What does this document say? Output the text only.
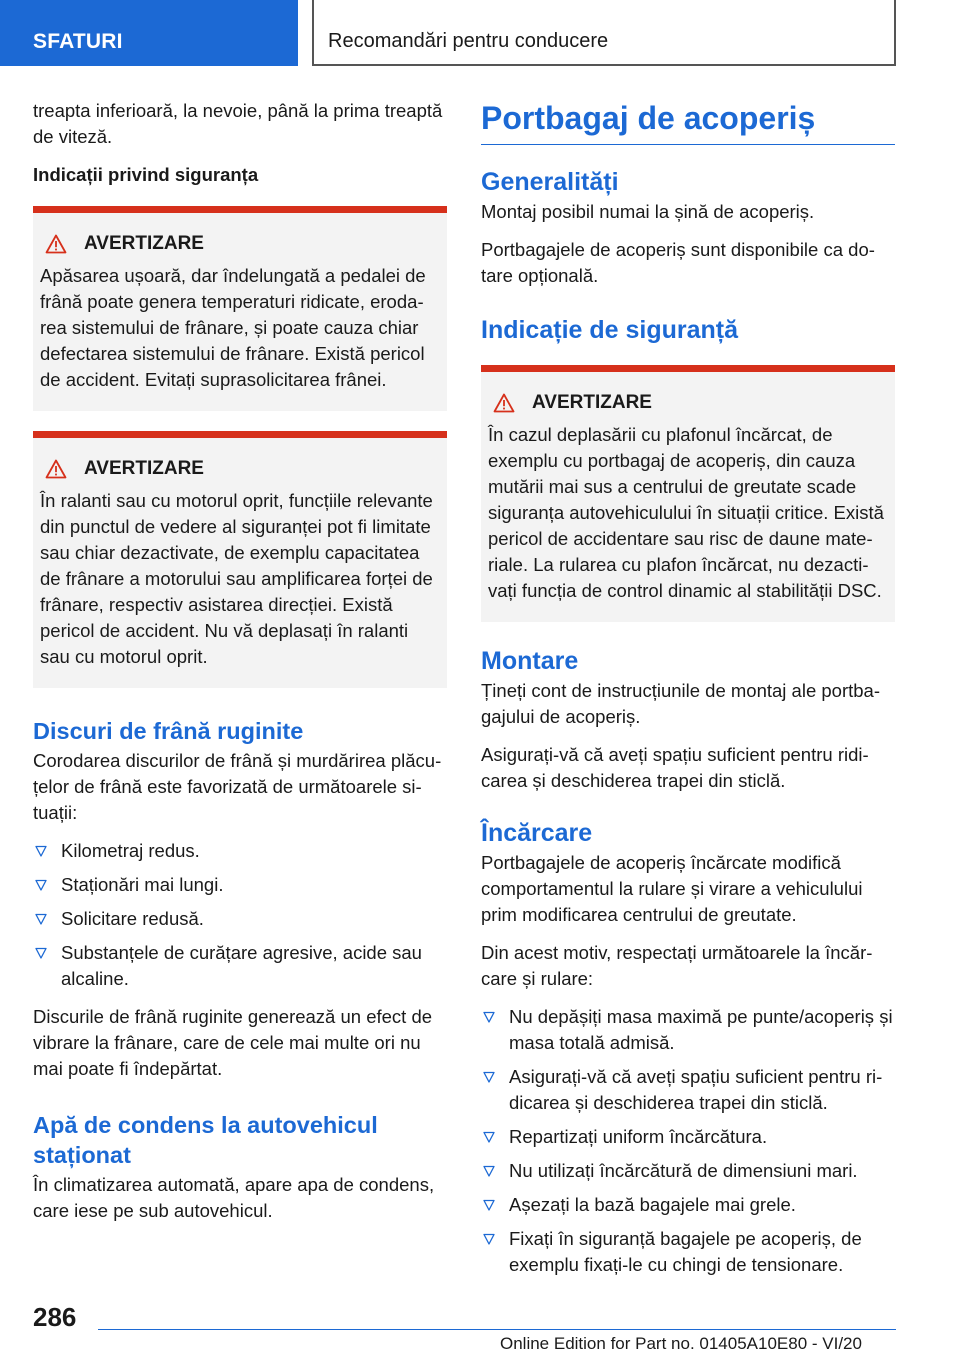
SFATURI	Recomandări pentru conducere

treapta inferioară, la nevoie, până la prima treaptă de viteză.

Indicații privind siguranța
AVERTIZARE
Apăsarea ușoară, dar îndelungată a pedalei de frână poate genera temperaturi ridicate, erodarea sistemului de frânare, și poate cauza chiar defectarea sistemului de frânare. Există pericol de accident. Evitați suprasolicitarea frânei.
AVERTIZARE
În ralanti sau cu motorul oprit, funcțiile relevante din punctul de vedere al siguranței pot fi limitate sau chiar dezactivate, de exemplu capacitatea de frânare a motorului sau amplificarea forței de frânare, respectiv asistarea direcției. Există pericol de accident. Nu vă deplasați în ralanti sau cu motorul oprit.
Discuri de frână ruginite

Corodarea discurilor de frână și murdărirea plăcuțelor de frână este favorizată de următoarele situații:

Kilometraj redus.
Staționări mai lungi.
Solicitare redusă.
Substanțele de curățare agresive, acide sau alcaline.

Discurile de frână ruginite generează un efect de vibrare la frânare, care de cele mai multe ori nu mai poate fi îndepărtat.

Apă de condens la autovehicul staționat

În climatizarea automată, apare apa de condens, care iese pe sub autovehicul.

Portbagaj de acoperiș
Generalități

Montaj posibil numai la șină de acoperiș.

Portbagajele de acoperiș sunt disponibile ca dotare opțională.

Indicație de siguranță
AVERTIZARE
În cazul deplasării cu plafonul încărcat, de exemplu cu portbagaj de acoperiș, din cauza mutării mai sus a centrului de greutate scade siguranța autovehiculului în situații critice. Există pericol de accidentare sau risc de daune materiale. La rularea cu plafon încărcat, nu dezactivați funcția de control dinamic al stabilității DSC.
Montare

Țineți cont de instrucțiunile de montaj ale portbagajului de acoperiș.

Asigurați-vă că aveți spațiu suficient pentru ridicarea și deschiderea trapei din sticlă.

Încărcare

Portbagajele de acoperiș încărcate modifică comportamentul la rulare și virare a vehiculului prim modificarea centrului de greutate.

Din acest motiv, respectați următoarele la încărcare și rulare:

Nu depășiți masa maximă pe punte/acoperiș și masa totală admisă.
Asigurați-vă că aveți spațiu suficient pentru ridicarea și deschiderea trapei din sticlă.
Repartizați uniform încărcătura.
Nu utilizați încărcătură de dimensiuni mari.
Așezați la bază bagajele mai grele.
Fixați în siguranță bagajele pe acoperiș, de exemplu fixați-le cu chingi de tensionare.
286
Online Edition for Part no. 01405A10E80 - VI/20
